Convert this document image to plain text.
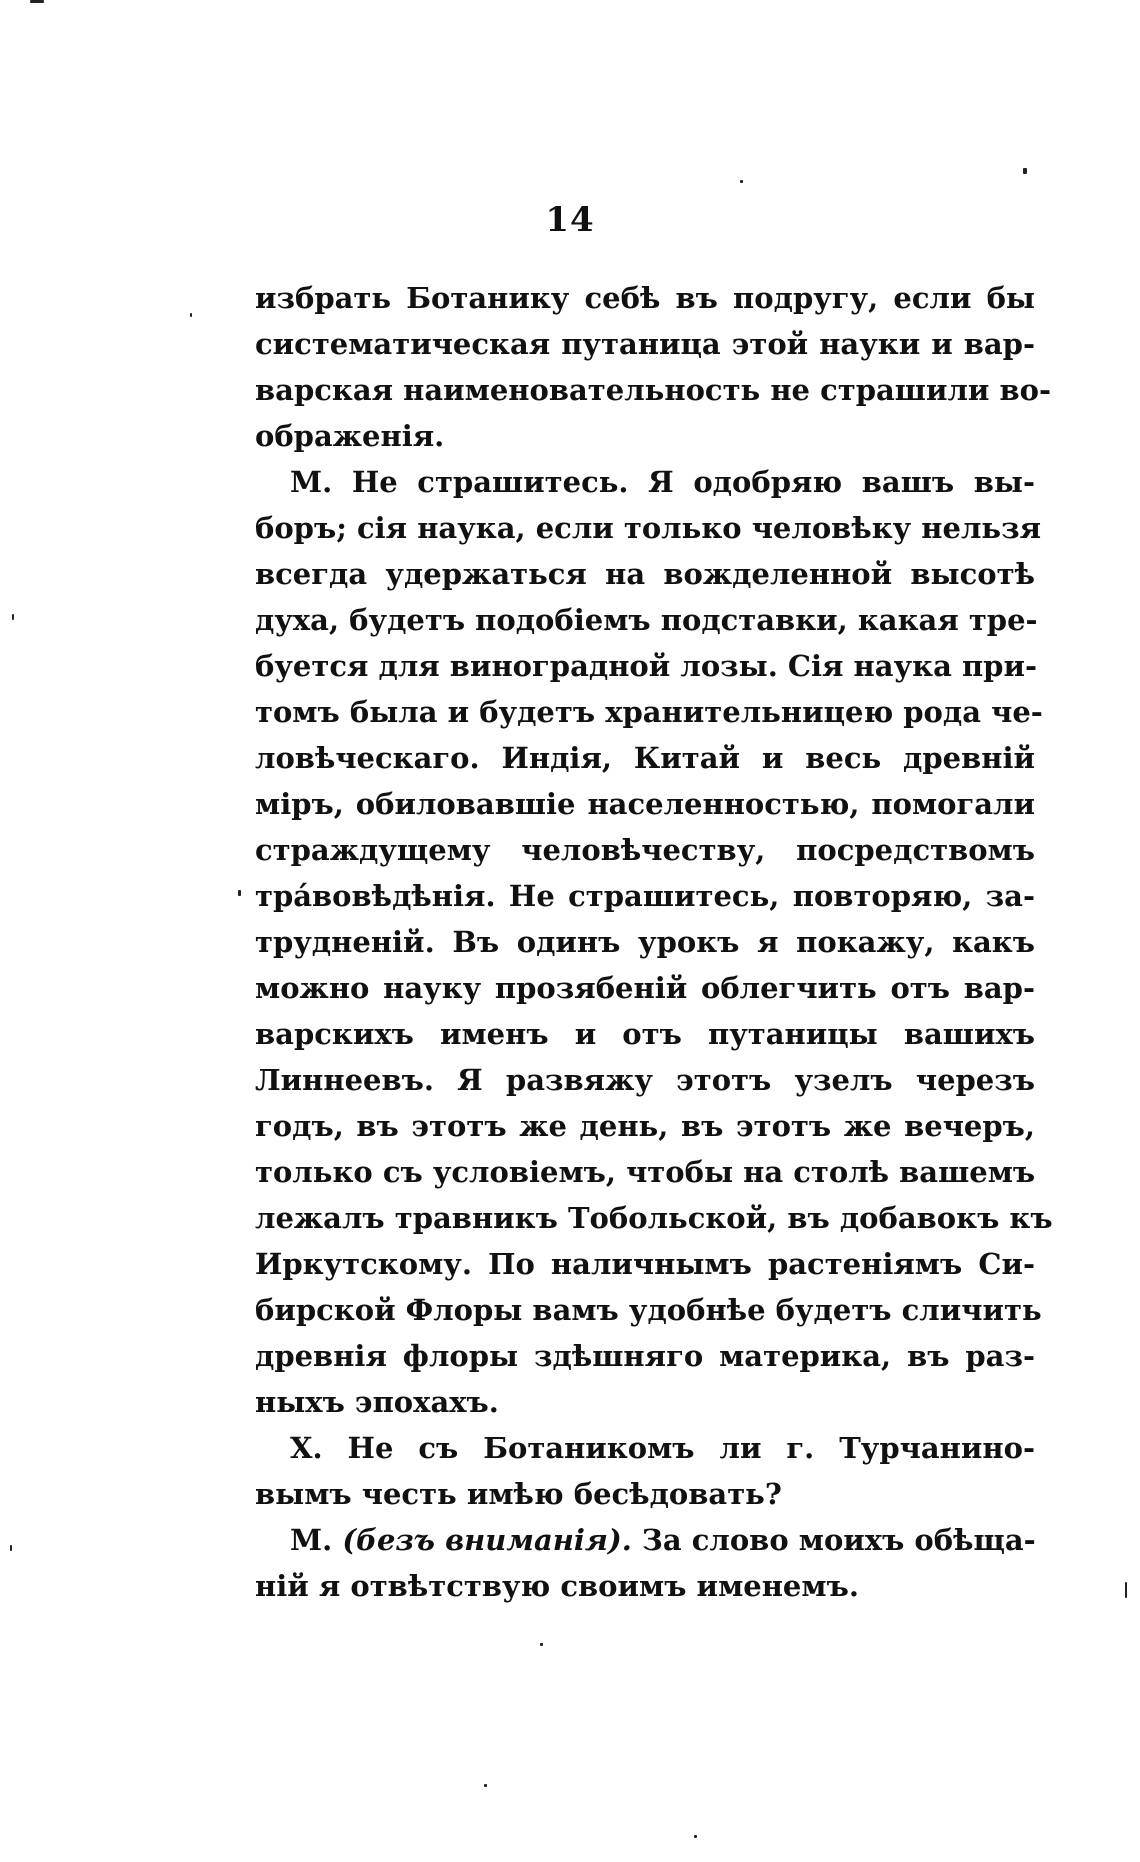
14
избрать Ботанику себѣ въ подругу, если бы
систематическая путаница этой науки и вар-
варская наименовательность не страшили во-
ображенія.
М. Не страшитесь. Я одобряю вашъ вы-
боръ; сія наука, если только человѣку нельзя
всегда удержаться на вожделенной высотѣ
духа, будетъ подобіемъ подставки, какая тре-
буется для виноградной лозы. Сія наука при-
томъ была и будетъ хранительницею рода че-
ловѣческаго. Индія, Китай и весь древній
міръ, обиловавшіе населенностью, помогали
страждущему человѣчеству, посредствомъ
трáвовѣдѣнія. Не страшитесь, повторяю, за-
трудненій. Въ одинъ урокъ я покажу, какъ
можно науку прозябеній облегчить отъ вар-
варскихъ именъ и отъ путаницы вашихъ
Линнеевъ. Я развяжу этотъ узелъ черезъ
годъ, въ этотъ же день, въ этотъ же вечеръ,
только съ условіемъ, чтобы на столѣ вашемъ
лежалъ травникъ Тобольской, въ добавокъ къ
Иркутскому. По наличнымъ растеніямъ Си-
бирской Флоры вамъ удобнѣе будетъ сличить
древнія флоры здѣшняго материка, въ раз-
ныхъ эпохахъ.
Х. Не съ Ботаникомъ ли г. Турчанино-
вымъ честь имѣю бесѣдовать?
М. (безъ вниманія). За слово моихъ обѣща-
ній я отвѣтствую своимъ именемъ.
